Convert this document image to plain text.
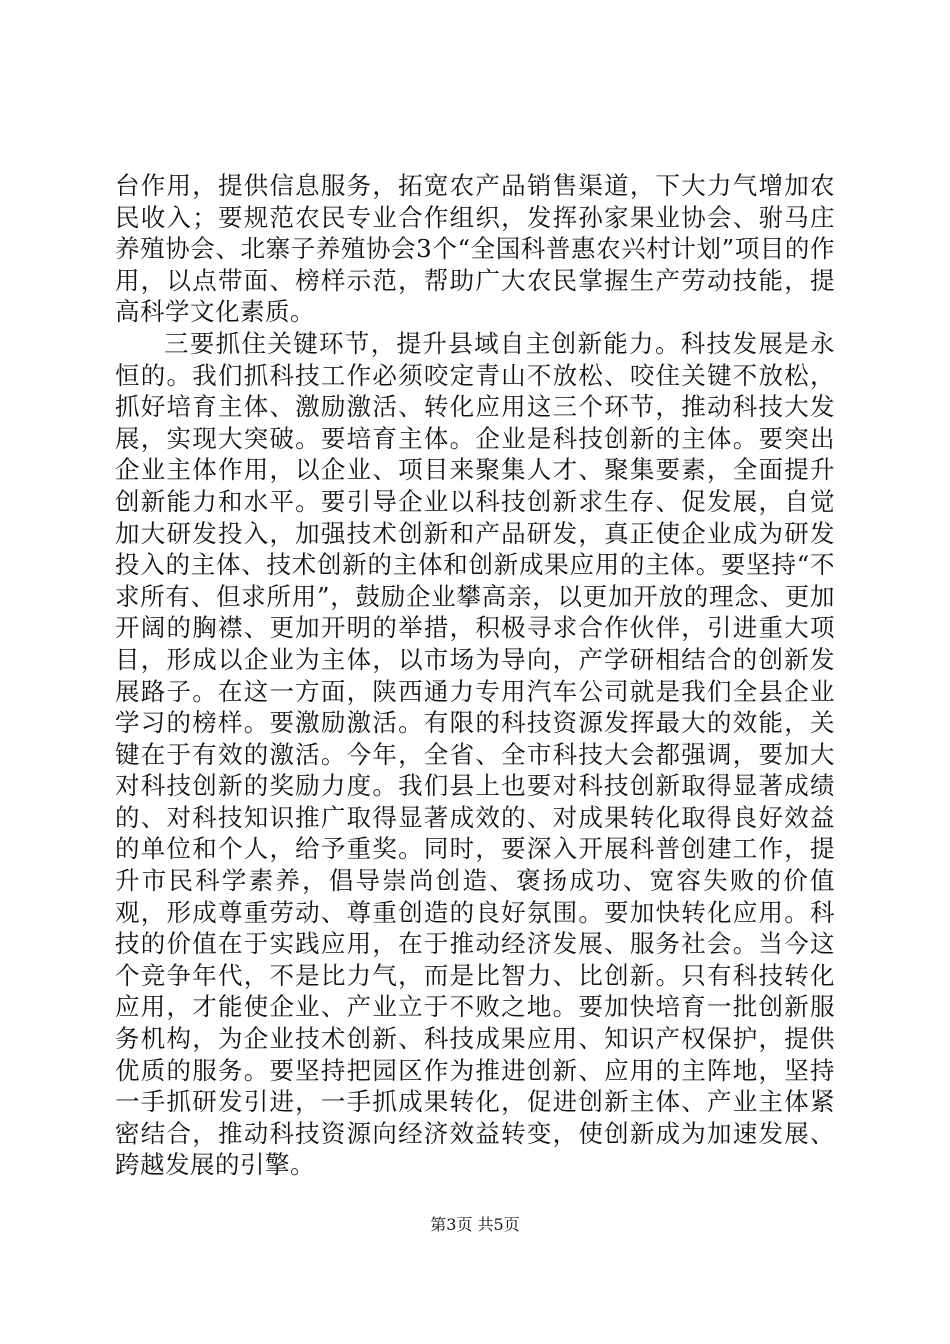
台作用，提供信息服务，拓宽农产品销售渠道，下大力气增加农民收入；要规范农民专业合作组织，发挥孙家果业协会、驸马庄养殖协会、北寨子养殖协会3个“全国科普惠农兴村计划”项目的作用，以点带面、榜样示范，帮助广大农民掌握生产劳动技能，提高科学文化素质。

三要抓住关键环节，提升县域自主创新能力。科技发展是永恒的。我们抓科技工作必须咬定青山不放松、咬住关键不放松，抓好培育主体、激励激活、转化应用这三个环节，推动科技大发展，实现大突破。要培育主体。企业是科技创新的主体。要突出企业主体作用，以企业、项目来聚集人才、聚集要素，全面提升创新能力和水平。要引导企业以科技创新求生存、促发展，自觉加大研发投入，加强技术创新和产品研发，真正使企业成为研发投入的主体、技术创新的主体和创新成果应用的主体。要坚持“不求所有、但求所用”，鼓励企业攀高亲，以更加开放的理念、更加开阔的胸襟、更加开明的举措，积极寻求合作伙伴，引进重大项目，形成以企业为主体，以市场为导向，产学研相结合的创新发展路子。在这一方面，陕西通力专用汽车公司就是我们全县企业学习的榜样。要激励激活。有限的科技资源发挥最大的效能，关键在于有效的激活。今年，全省、全市科技大会都强调，要加大对科技创新的奖励力度。我们县上也要对科技创新取得显著成绩的、对科技知识推广取得显著成效的、对成果转化取得良好效益的单位和个人，给予重奖。同时，要深入开展科普创建工作，提升市民科学素养，倡导崇尚创造、褒扬成功、宽容失败的价值观，形成尊重劳动、尊重创造的良好氛围。要加快转化应用。科技的价值在于实践应用，在于推动经济发展、服务社会。当今这个竞争年代，不是比力气，而是比智力、比创新。只有科技转化应用，才能使企业、产业立于不败之地。要加快培育一批创新服务机构，为企业技术创新、科技成果应用、知识产权保护，提供优质的服务。要坚持把园区作为推进创新、应用的主阵地，坚持一手抓研发引进，一手抓成果转化，促进创新主体、产业主体紧密结合，推动科技资源向经济效益转变，使创新成为加速发展、跨越发展的引擎。

第3页 共5页
